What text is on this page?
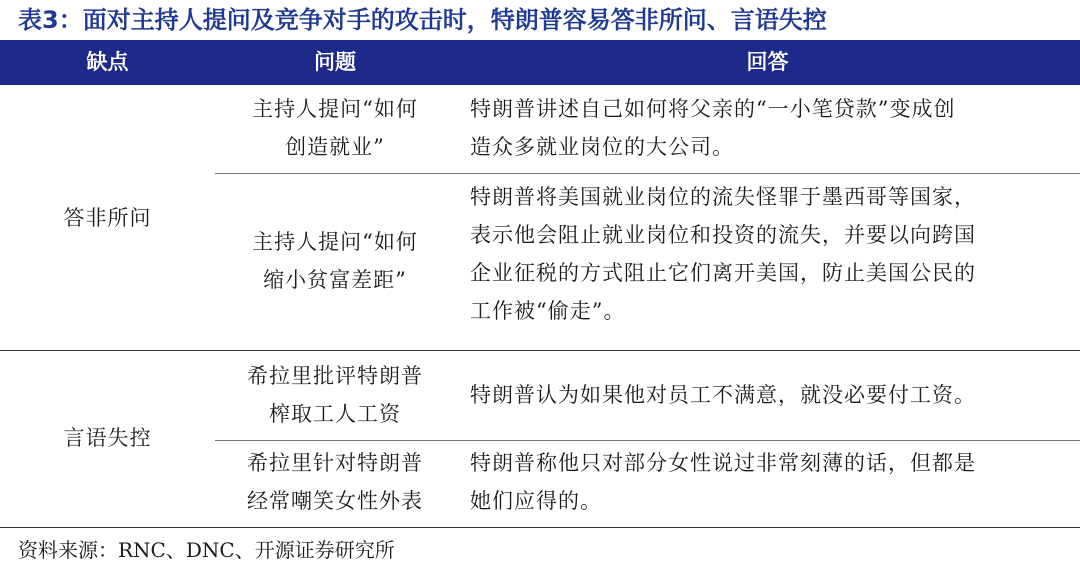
表3：面对主持人提问及竞争对手的攻击时，特朗普容易答非所问、言语失控
缺点	问题	回答
答非所问
主持人提问“如何
创造就业”
特朗普讲述自己如何将父亲的“一小笔贷款”变成创
造众多就业岗位的大公司。
主持人提问“如何
缩小贫富差距”
特朗普将美国就业岗位的流失怪罪于墨西哥等国家，
表示他会阻止就业岗位和投资的流失，并要以向跨国
企业征税的方式阻止它们离开美国，防止美国公民的
工作被“偷走”。
言语失控
希拉里批评特朗普
榨取工人工资
特朗普认为如果他对员工不满意，就没必要付工资。
希拉里针对特朗普
经常嘲笑女性外表
特朗普称他只对部分女性说过非常刻薄的话，但都是
她们应得的。
资料来源：RNC、DNC、开源证券研究所
